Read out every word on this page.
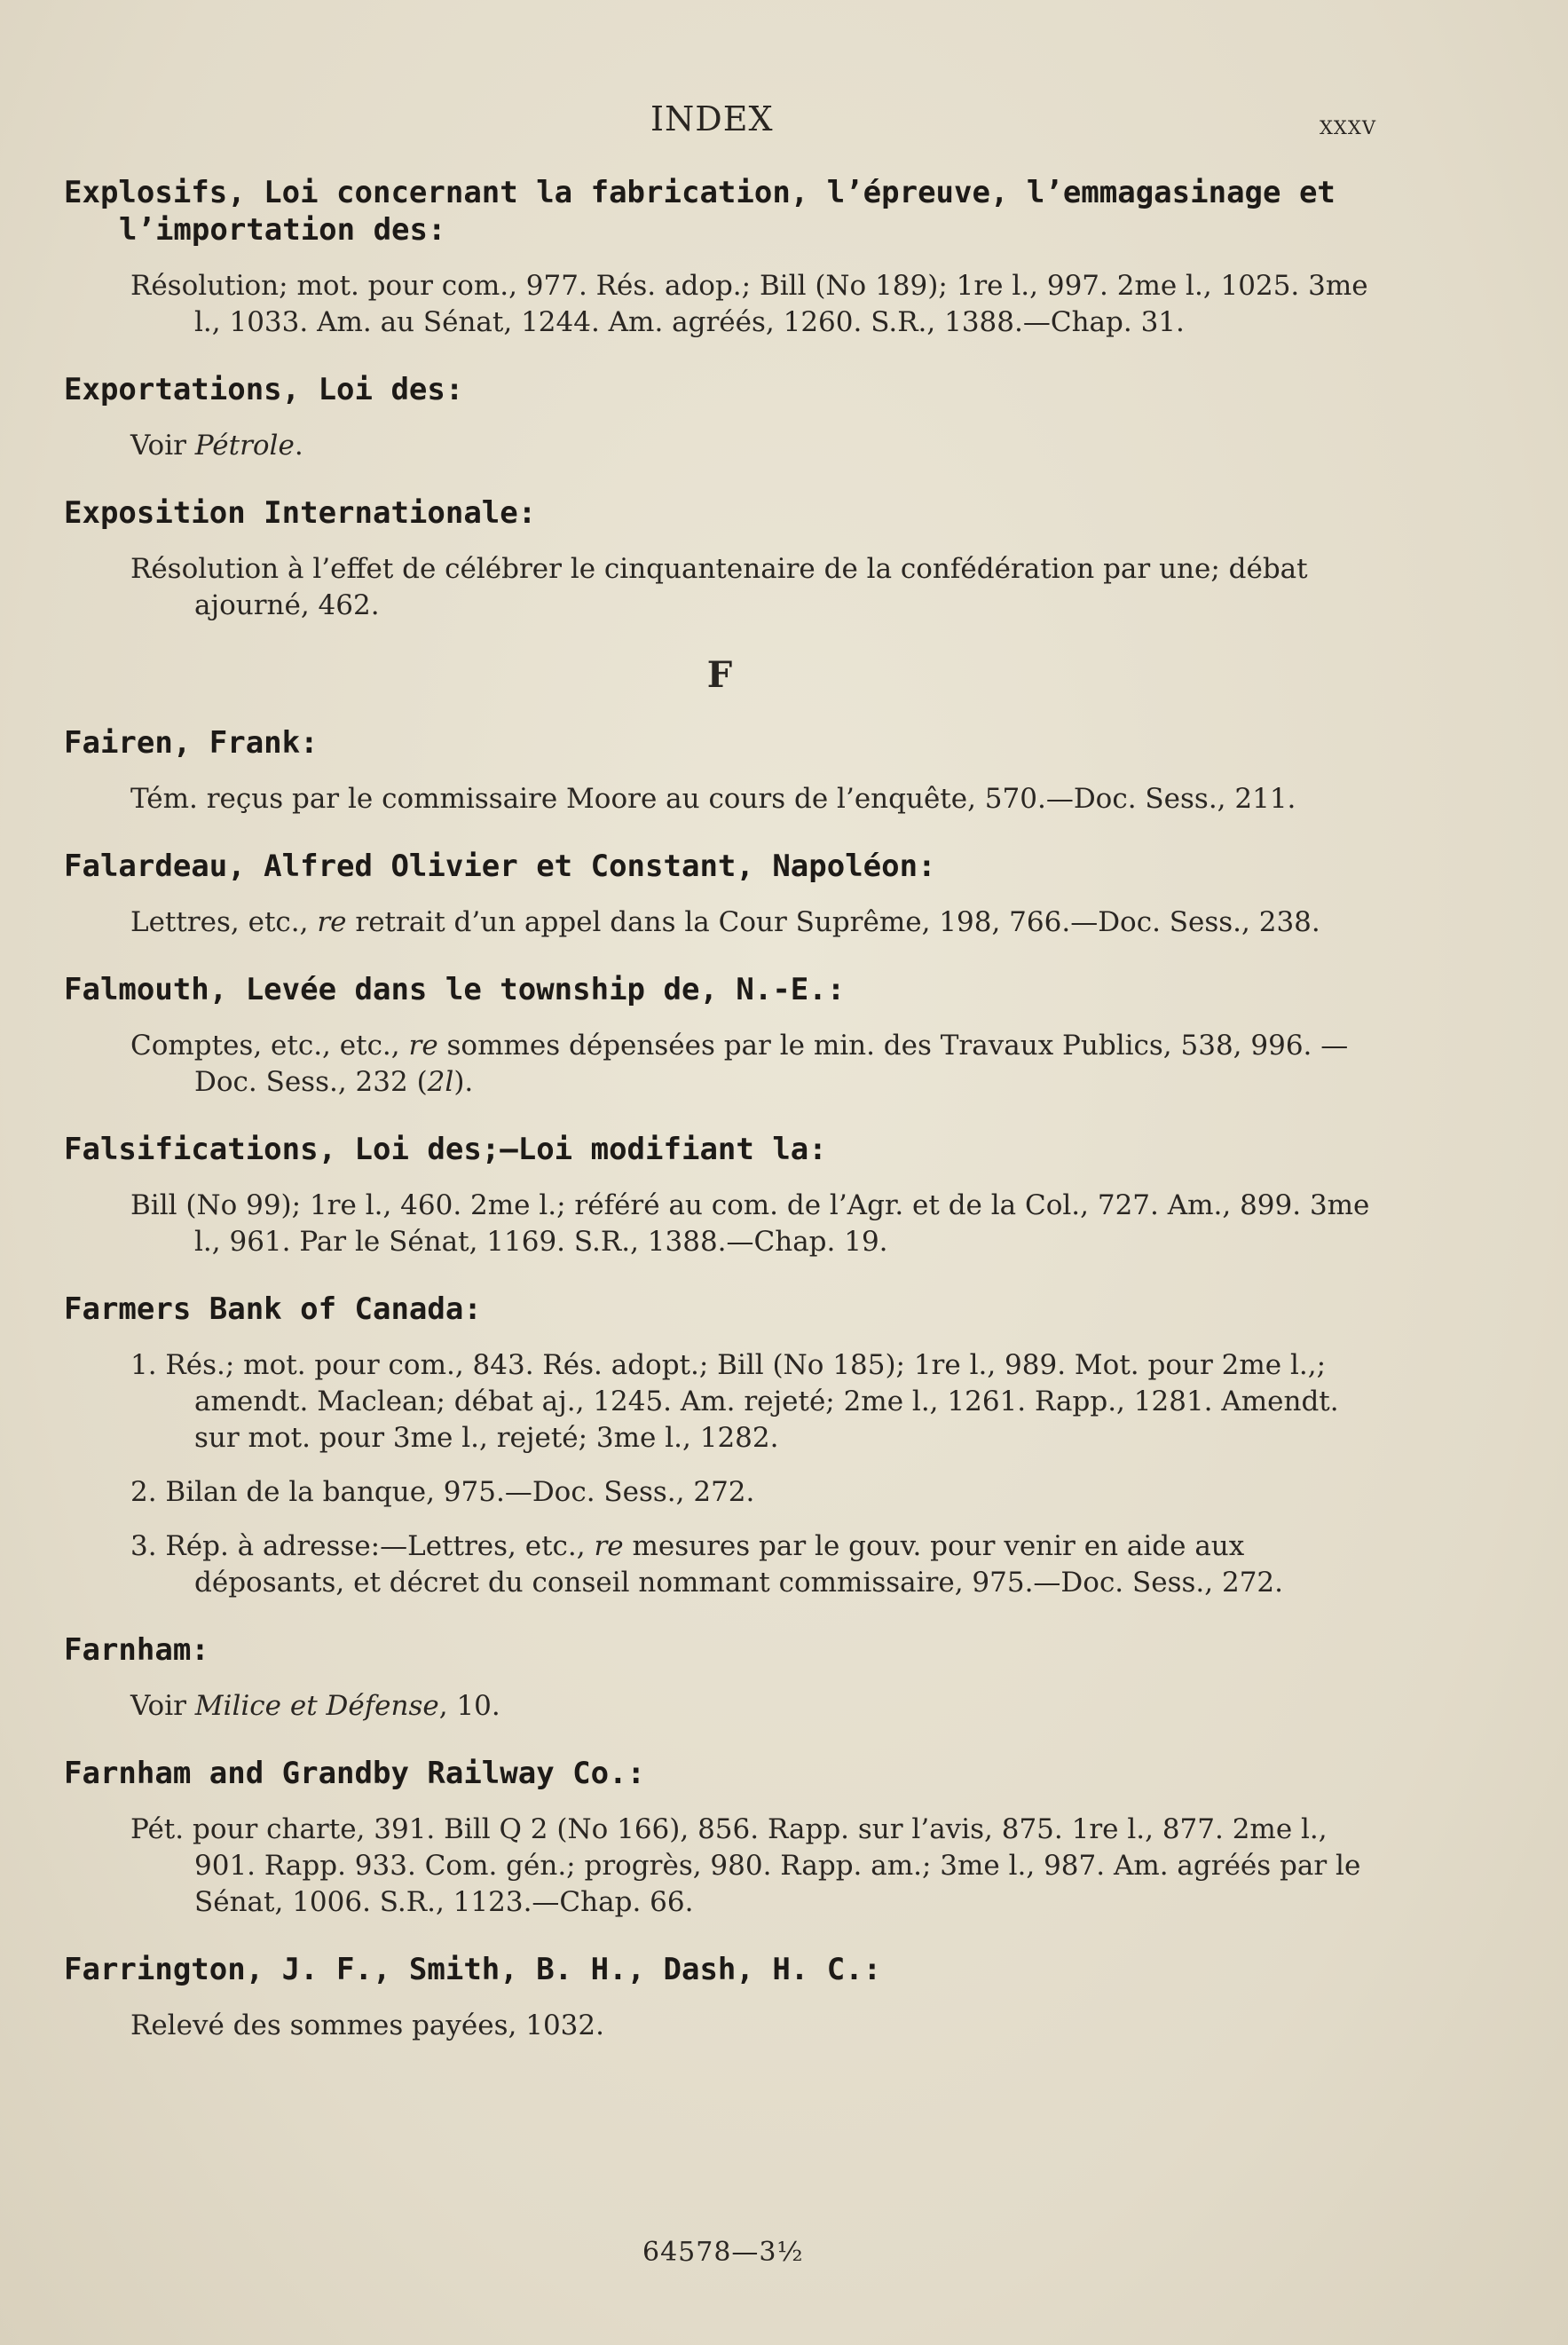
INDEX	xxxv
Explosifs, Loi concernant la fabrication, l’épreuve, l’emmagasinage et l’importation des:
Résolution; mot. pour com., 977. Rés. adop.; Bill (No 189); 1re l., 997. 2me l., 1025. 3me l., 1033. Am. au Sénat, 1244. Am. agréés, 1260. S.R., 1388.—Chap. 31.
Exportations, Loi des:
Voir Pétrole.
Exposition Internationale:
Résolution à l’effet de célébrer le cinquantenaire de la confédération par une; débat ajourné, 462.
F
Fairen, Frank:
Tém. reçus par le commissaire Moore au cours de l’enquête, 570.—Doc. Sess., 211.
Falardeau, Alfred Olivier et Constant, Napoléon:
Lettres, etc., re retrait d’un appel dans la Cour Suprême, 198, 766.—Doc. Sess., 238.
Falmouth, Levée dans le township de, N.-E.:
Comptes, etc., etc., re sommes dépensées par le min. des Travaux Publics, 538, 996. —Doc. Sess., 232 (2l).
Falsifications, Loi des;—Loi modifiant la:
Bill (No 99); 1re l., 460. 2me l.; référé au com. de l’Agr. et de la Col., 727. Am., 899. 3me l., 961. Par le Sénat, 1169. S.R., 1388.—Chap. 19.
Farmers Bank of Canada:
1. Rés.; mot. pour com., 843. Rés. adopt.; Bill (No 185); 1re l., 989. Mot. pour 2me l.,; amendt. Maclean; débat aj., 1245. Am. rejeté; 2me l., 1261. Rapp., 1281. Amendt. sur mot. pour 3me l., rejeté; 3me l., 1282.
2. Bilan de la banque, 975.—Doc. Sess., 272.
3. Rép. à adresse:—Lettres, etc., re mesures par le gouv. pour venir en aide aux déposants, et décret du conseil nommant commissaire, 975.—Doc. Sess., 272.
Farnham:
Voir Milice et Défense, 10.
Farnham and Grandby Railway Co.:
Pét. pour charte, 391. Bill Q 2 (No 166), 856. Rapp. sur l’avis, 875. 1re l., 877. 2me l., 901. Rapp. 933. Com. gén.; progrès, 980. Rapp. am.; 3me l., 987. Am. agréés par le Sénat, 1006. S.R., 1123.—Chap. 66.
Farrington, J. F., Smith, B. H., Dash, H. C.:
Relevé des sommes payées, 1032.
64578—3½
